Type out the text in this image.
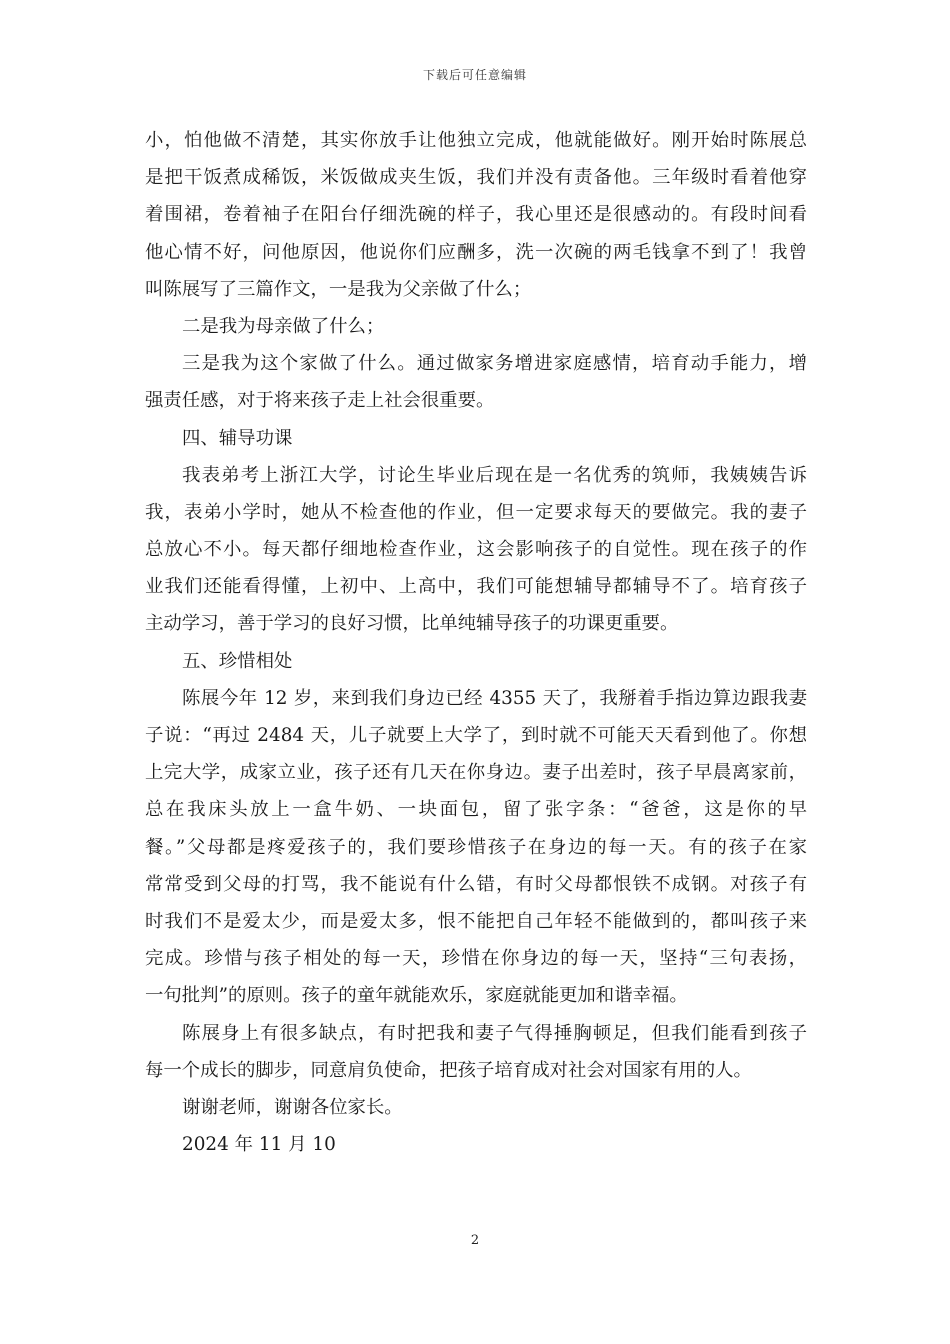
下载后可任意编辑
小，怕他做不清楚，其实你放手让他独立完成，他就能做好。刚开始时陈展总
是把干饭煮成稀饭，米饭做成夹生饭，我们并没有责备他。三年级时看着他穿
着围裙，卷着袖子在阳台仔细洗碗的样子，我心里还是很感动的。有段时间看
他心情不好，问他原因，他说你们应酬多，洗一次碗的两毛钱拿不到了！我曾
叫陈展写了三篇作文，一是我为父亲做了什么；
二是我为母亲做了什么；
三是我为这个家做了什么。通过做家务增进家庭感情，培育动手能力，增
强责任感，对于将来孩子走上社会很重要。
四、辅导功课
我表弟考上浙江大学，讨论生毕业后现在是一名优秀的筑师，我姨姨告诉
我，表弟小学时，她从不检查他的作业，但一定要求每天的要做完。我的妻子
总放心不小。每天都仔细地检查作业，这会影响孩子的自觉性。现在孩子的作
业我们还能看得懂，上初中、上高中，我们可能想辅导都辅导不了。培育孩子
主动学习，善于学习的良好习惯，比单纯辅导孩子的功课更重要。
五、珍惜相处
陈展今年 12 岁，来到我们身边已经 4355 天了，我掰着手指边算边跟我妻
子说：“再过 2484 天，儿子就要上大学了，到时就不可能天天看到他了。你想
上完大学，成家立业，孩子还有几天在你身边。妻子出差时，孩子早晨离家前，
总在我床头放上一盒牛奶、一块面包，留了张字条：“爸爸，这是你的早
餐。”父母都是疼爱孩子的，我们要珍惜孩子在身边的每一天。有的孩子在家
常常受到父母的打骂，我不能说有什么错，有时父母都恨铁不成钢。对孩子有
时我们不是爱太少，而是爱太多，恨不能把自己年轻不能做到的，都叫孩子来
完成。珍惜与孩子相处的每一天，珍惜在你身边的每一天，坚持“三句表扬，
一句批判”的原则。孩子的童年就能欢乐，家庭就能更加和谐幸福。
陈展身上有很多缺点，有时把我和妻子气得捶胸顿足，但我们能看到孩子
每一个成长的脚步，同意肩负使命，把孩子培育成对社会对国家有用的人。
谢谢老师，谢谢各位家长。
2024 年 11 月 10
2
